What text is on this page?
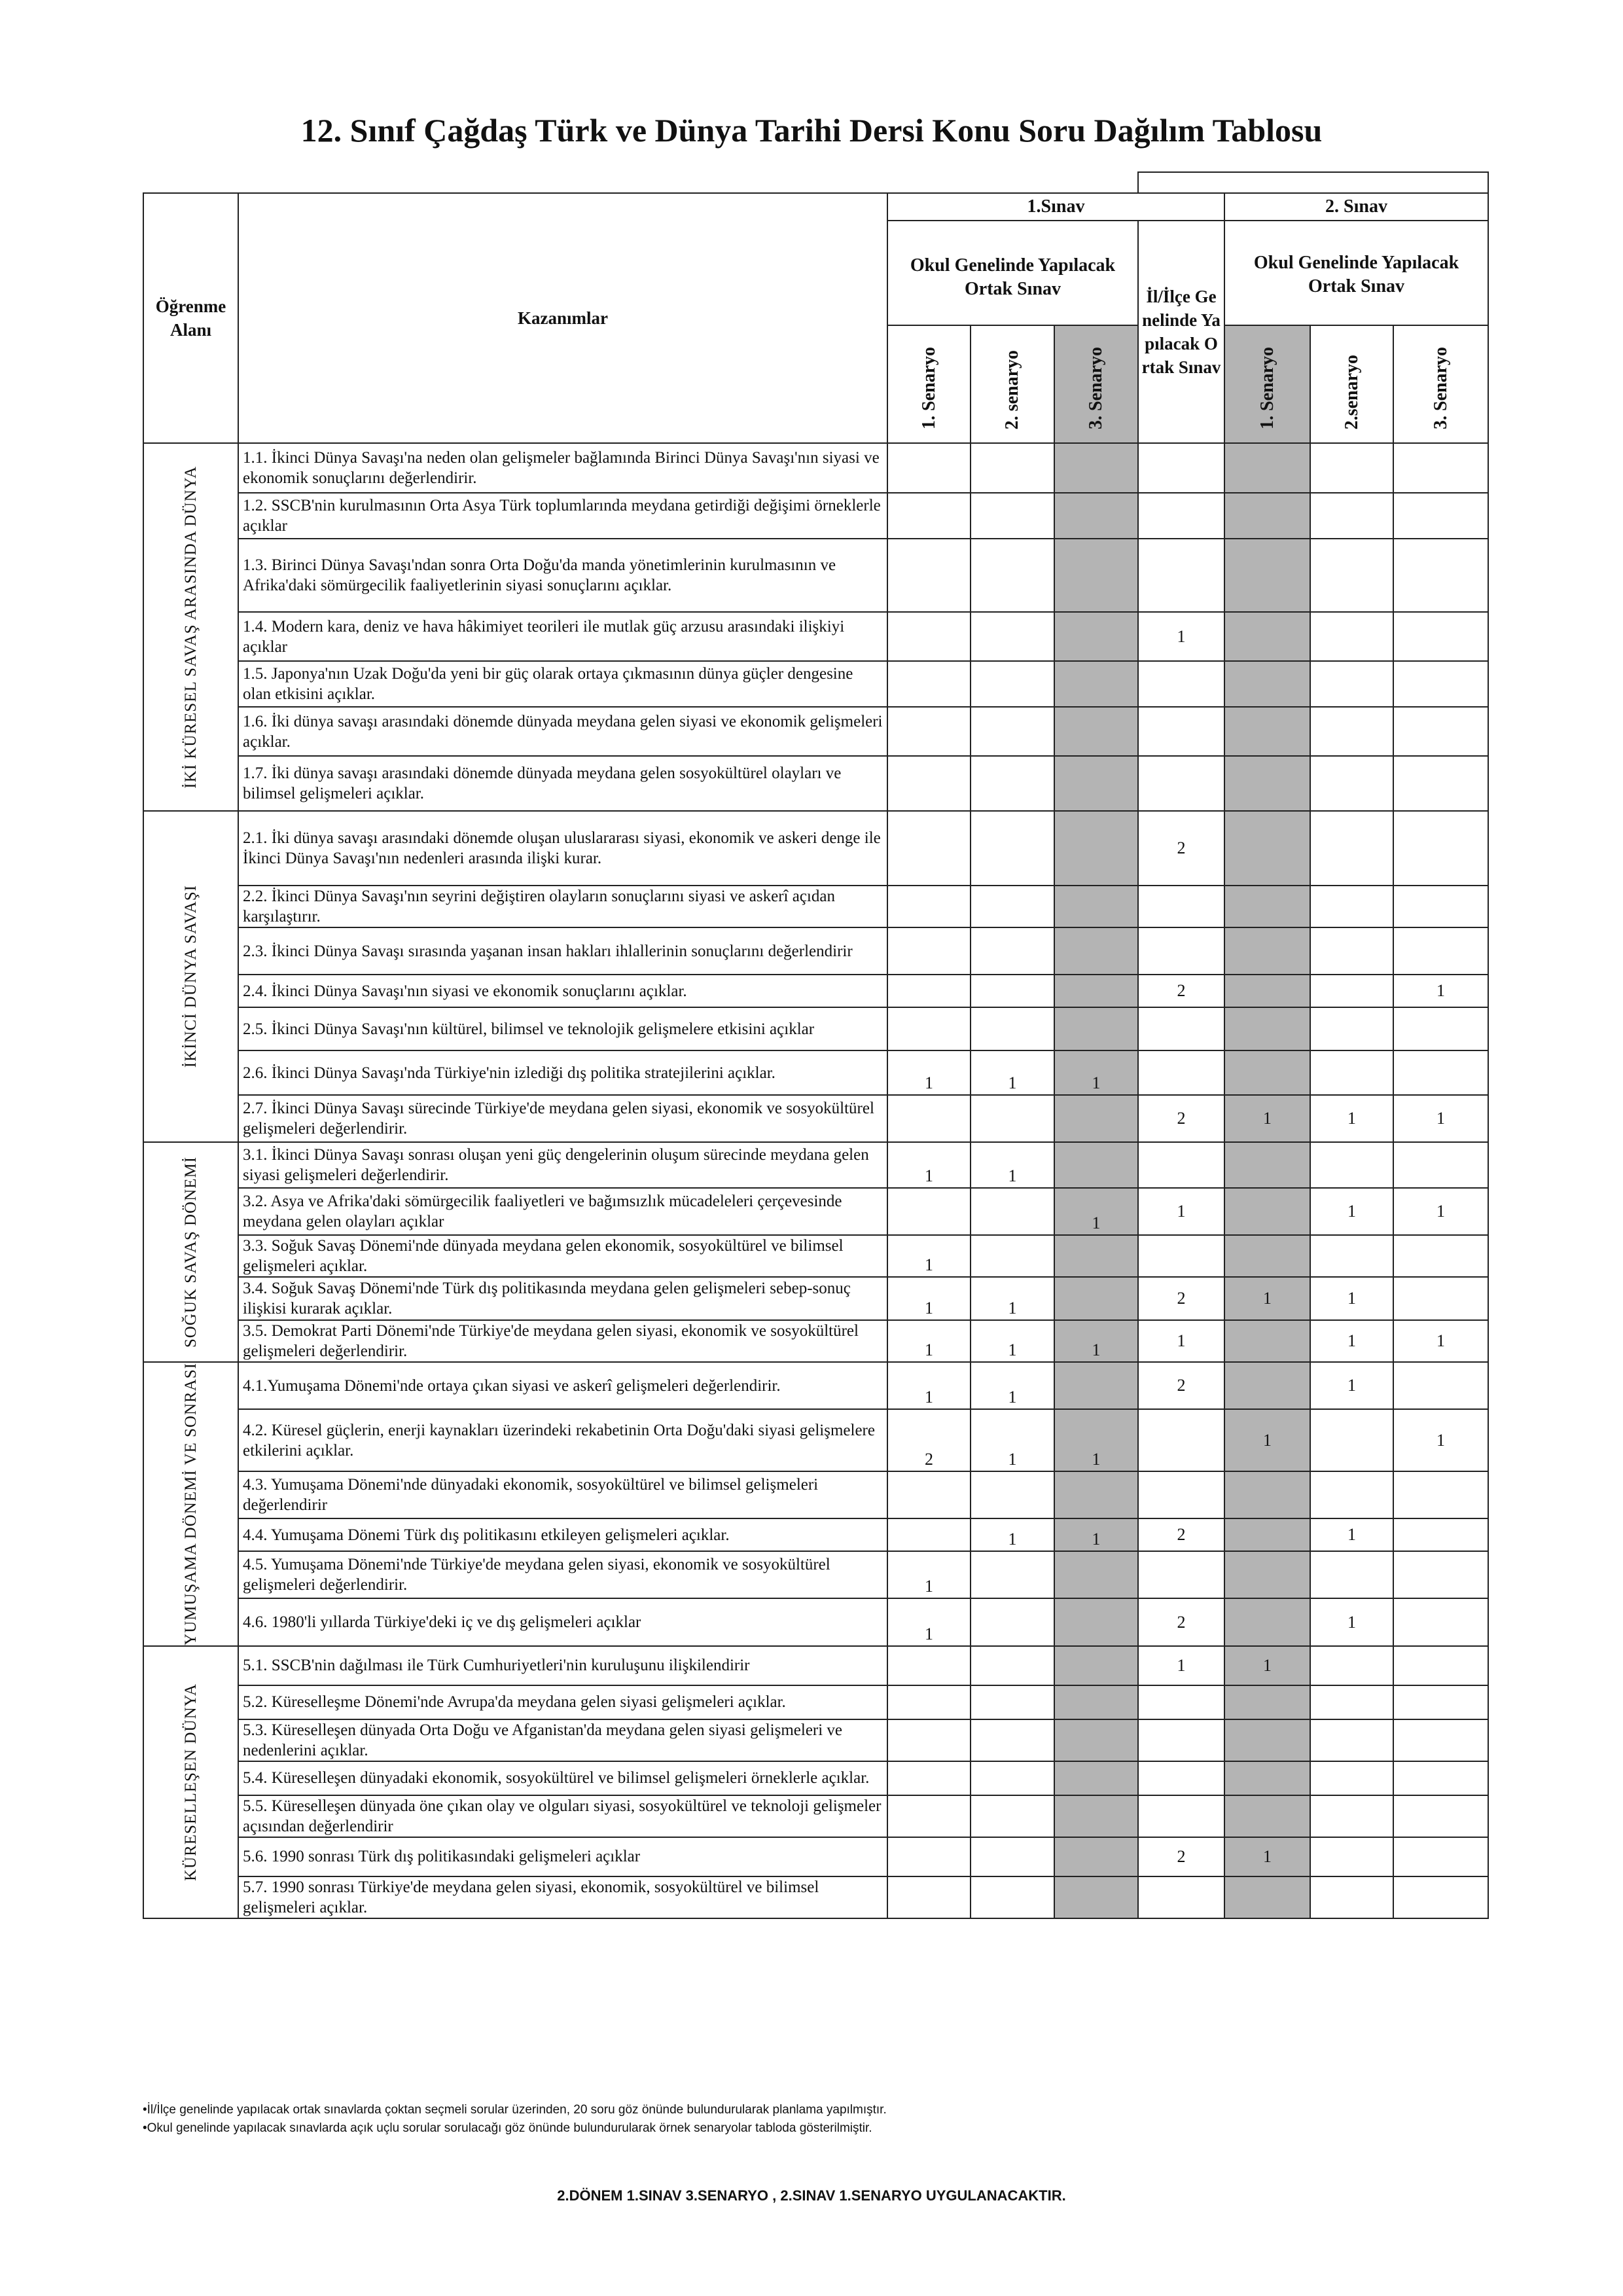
12. Sınıf Çağdaş Türk ve Dünya Tarihi Dersi Konu Soru Dağılım Tablosu

Öğrenme Alanı	Kazanımlar	1.Sınav				2. Sınav		
		Okul Genelinde Yapılacak Ortak Sınav			İl/İlçe Genelinde Yapılacak Ortak Sınav	Okul Genelinde Yapılacak Ortak Sınav		

		1. Senaryo	2. senaryo	3. Senaryo		1. Senaryo	2.senaryo	3. Senaryo

İKİ KÜRESEL SAVAŞ ARASINDA DÜNYA	1.1. İkinci Dünya Savaşı'na neden olan gelişmeler bağlamında Birinci Dünya Savaşı'nın siyasi ve ekonomik sonuçlarını değerlendirir.							
	1.2. SSCB'nin kurulmasının Orta Asya Türk toplumlarında meydana getirdiği değişimi örneklerle açıklar							
	1.3. Birinci Dünya Savaşı'ndan sonra Orta Doğu'da manda yönetimlerinin kurulmasının ve Afrika'daki sömürgecilik faaliyetlerinin siyasi sonuçlarını açıklar.							
	1.4. Modern kara, deniz ve hava hâkimiyet teorileri ile mutlak güç arzusu arasındaki ilişkiyi açıklar				1			
	1.5. Japonya'nın Uzak Doğu'da yeni bir güç olarak ortaya çıkmasının dünya güçler dengesine olan etkisini açıklar.							
	1.6. İki dünya savaşı arasındaki dönemde dünyada meydana gelen siyasi ve ekonomik gelişmeleri açıklar.							
	1.7. İki dünya savaşı arasındaki dönemde dünyada meydana gelen sosyokültürel olayları ve bilimsel gelişmeleri açıklar.							

İKİNCİ DÜNYA SAVAŞI	2.1. İki dünya savaşı arasındaki dönemde oluşan uluslararası siyasi, ekonomik ve askeri denge ile İkinci Dünya Savaşı'nın nedenleri arasında ilişki kurar.				2			
	2.2. İkinci Dünya Savaşı'nın seyrini değiştiren olayların sonuçlarını siyasi ve askerî açıdan karşılaştırır.							
	2.3. İkinci Dünya Savaşı sırasında yaşanan insan hakları ihlallerinin sonuçlarını değerlendirir							
	2.4. İkinci Dünya Savaşı'nın siyasi ve ekonomik sonuçlarını açıklar.				2			1
	2.5. İkinci Dünya Savaşı'nın kültürel, bilimsel ve teknolojik gelişmelere etkisini açıklar							
	2.6. İkinci Dünya Savaşı'nda Türkiye'nin izlediği dış politika stratejilerini açıklar.	1	1	1				
	2.7. İkinci Dünya Savaşı sürecinde Türkiye'de meydana gelen siyasi, ekonomik ve sosyokültürel gelişmeleri değerlendirir.				2	1	1	1

SOĞUK SAVAŞ DÖNEMİ	3.1. İkinci Dünya Savaşı sonrası oluşan yeni güç dengelerinin oluşum sürecinde meydana gelen siyasi gelişmeleri değerlendirir.	1	1					
	3.2. Asya ve Afrika'daki sömürgecilik faaliyetleri ve bağımsızlık mücadeleleri çerçevesinde meydana gelen olayları açıklar			1	1		1	1
	3.3. Soğuk Savaş Dönemi'nde dünyada meydana gelen ekonomik, sosyokültürel ve bilimsel gelişmeleri açıklar.	1						
	3.4. Soğuk Savaş Dönemi'nde Türk dış politikasında meydana gelen gelişmeleri sebep-sonuç ilişkisi kurarak açıklar.	1	1		2	1	1	
	3.5. Demokrat Parti Dönemi'nde Türkiye'de meydana gelen siyasi, ekonomik ve sosyokültürel gelişmeleri değerlendirir.	1	1	1	1		1	1

YUMUŞAMA DÖNEMİ VE SONRASI	4.1.Yumuşama Dönemi'nde ortaya çıkan siyasi ve askerî gelişmeleri değerlendirir.	1	1		2		1	
	4.2. Küresel güçlerin, enerji kaynakları üzerindeki rekabetinin Orta Doğu'daki siyasi gelişmelere etkilerini açıklar.	2	1	1		1		1
	4.3. Yumuşama Dönemi'nde dünyadaki ekonomik, sosyokültürel ve bilimsel gelişmeleri değerlendirir							
	4.4. Yumuşama Dönemi Türk dış politikasını etkileyen gelişmeleri açıklar.		1	1	2		1	
	4.5. Yumuşama Dönemi'nde Türkiye'de meydana gelen siyasi, ekonomik ve sosyokültürel gelişmeleri değerlendirir.	1						
	4.6. 1980'li yıllarda Türkiye'deki iç ve dış gelişmeleri açıklar	1			2		1	

KÜRESELLEŞEN DÜNYA	5.1. SSCB'nin dağılması ile Türk Cumhuriyetleri'nin kuruluşunu ilişkilendirir				1	1		
	5.2. Küreselleşme Dönemi'nde Avrupa'da meydana gelen siyasi gelişmeleri açıklar.							
	5.3. Küreselleşen dünyada Orta Doğu ve Afganistan'da meydana gelen siyasi gelişmeleri ve nedenlerini açıklar.							
	5.4. Küreselleşen dünyadaki ekonomik, sosyokültürel ve bilimsel gelişmeleri örneklerle açıklar.							
	5.5. Küreselleşen dünyada öne çıkan olay ve olguları siyasi, sosyokültürel ve teknoloji gelişmeler açısından değerlendirir							
	5.6. 1990 sonrası Türk dış politikasındaki gelişmeleri açıklar				2	1		
	5.7. 1990 sonrası Türkiye'de meydana gelen siyasi, ekonomik, sosyokültürel ve bilimsel gelişmeleri açıklar.							

•İl/İlçe genelinde yapılacak ortak sınavlarda çoktan seçmeli sorular üzerinden, 20 soru göz önünde bulundurularak planlama yapılmıştır.

•Okul genelinde yapılacak sınavlarda açık uçlu sorular sorulacağı göz önünde bulundurularak örnek senaryolar tabloda gösterilmiştir.

2.DÖNEM 1.SINAV 3.SENARYO , 2.SINAV 1.SENARYO UYGULANACAKTIR.
